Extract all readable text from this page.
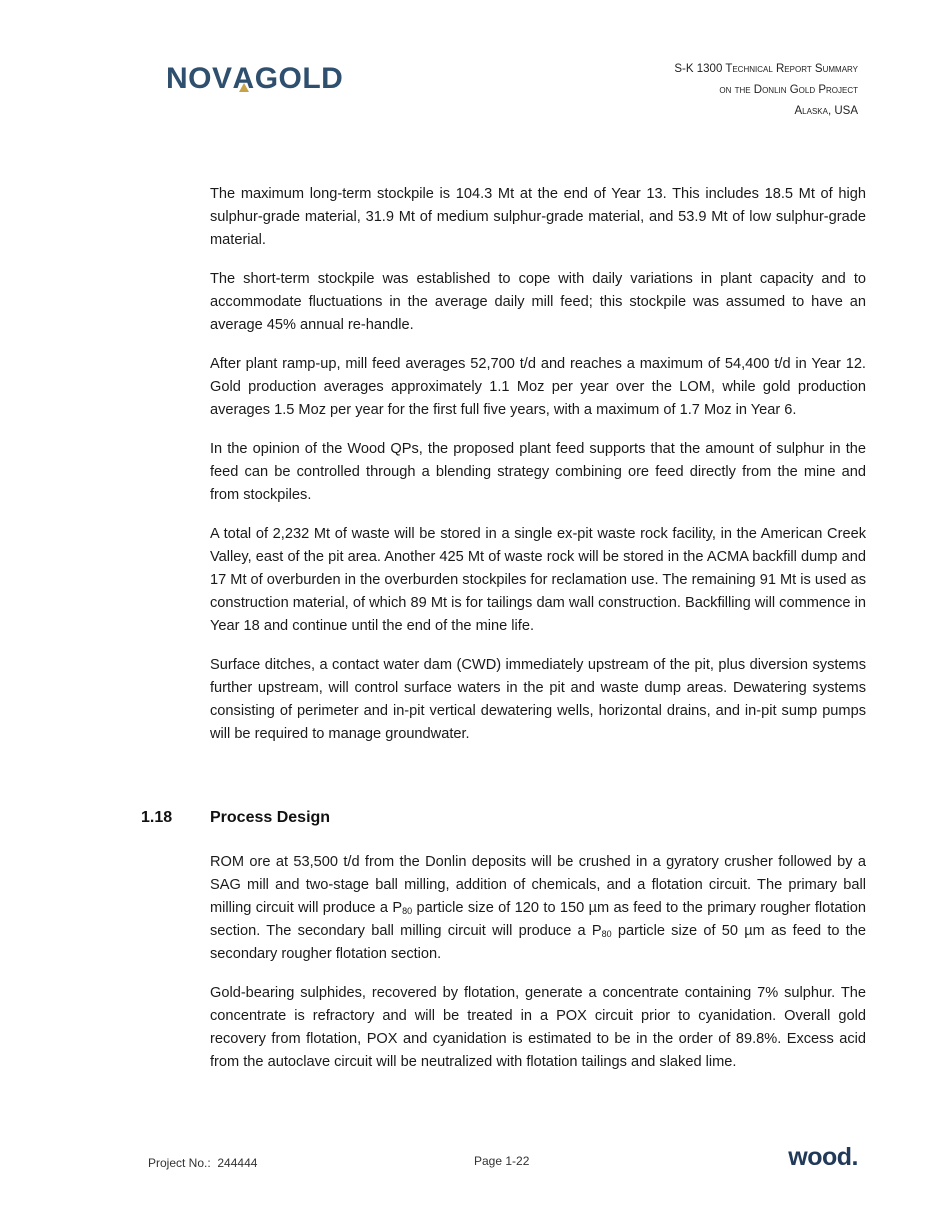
NOVAGOLD	S-K 1300 Technical Report Summary
on the Donlin Gold Project
Alaska, USA

The maximum long-term stockpile is 104.3 Mt at the end of Year 13. This includes 18.5 Mt of high sulphur-grade material, 31.9 Mt of medium sulphur-grade material, and 53.9 Mt of low sulphur-grade material.

The short-term stockpile was established to cope with daily variations in plant capacity and to accommodate fluctuations in the average daily mill feed; this stockpile was assumed to have an average 45% annual re-handle.

After plant ramp-up, mill feed averages 52,700 t/d and reaches a maximum of 54,400 t/d in Year 12. Gold production averages approximately 1.1 Moz per year over the LOM, while gold production averages 1.5 Moz per year for the first full five years, with a maximum of 1.7 Moz in Year 6.

In the opinion of the Wood QPs, the proposed plant feed supports that the amount of sulphur in the feed can be controlled through a blending strategy combining ore feed directly from the mine and from stockpiles.

A total of 2,232 Mt of waste will be stored in a single ex-pit waste rock facility, in the American Creek Valley, east of the pit area. Another 425 Mt of waste rock will be stored in the ACMA backfill dump and 17 Mt of overburden in the overburden stockpiles for reclamation use. The remaining 91 Mt is used as construction material, of which 89 Mt is for tailings dam wall construction. Backfilling will commence in Year 18 and continue until the end of the mine life.

Surface ditches, a contact water dam (CWD) immediately upstream of the pit, plus diversion systems further upstream, will control surface waters in the pit and waste dump areas. Dewatering systems consisting of perimeter and in-pit vertical dewatering wells, horizontal drains, and in-pit sump pumps will be required to manage groundwater.

1.18 Process Design

ROM ore at 53,500 t/d from the Donlin deposits will be crushed in a gyratory crusher followed by a SAG mill and two-stage ball milling, addition of chemicals, and a flotation circuit. The primary ball milling circuit will produce a $P_{80}$ particle size of 120 to 150 µm as feed to the primary rougher flotation section. The secondary ball milling circuit will produce a $P_{80}$ particle size of 50 µm as feed to the secondary rougher flotation section.

Gold-bearing sulphides, recovered by flotation, generate a concentrate containing 7% sulphur. The concentrate is refractory and will be treated in a POX circuit prior to cyanidation. Overall gold recovery from flotation, POX and cyanidation is estimated to be in the order of 89.8%. Excess acid from the autoclave circuit will be neutralized with flotation tailings and slaked lime.

Project No.: 244444	Page 1-22	wood.
